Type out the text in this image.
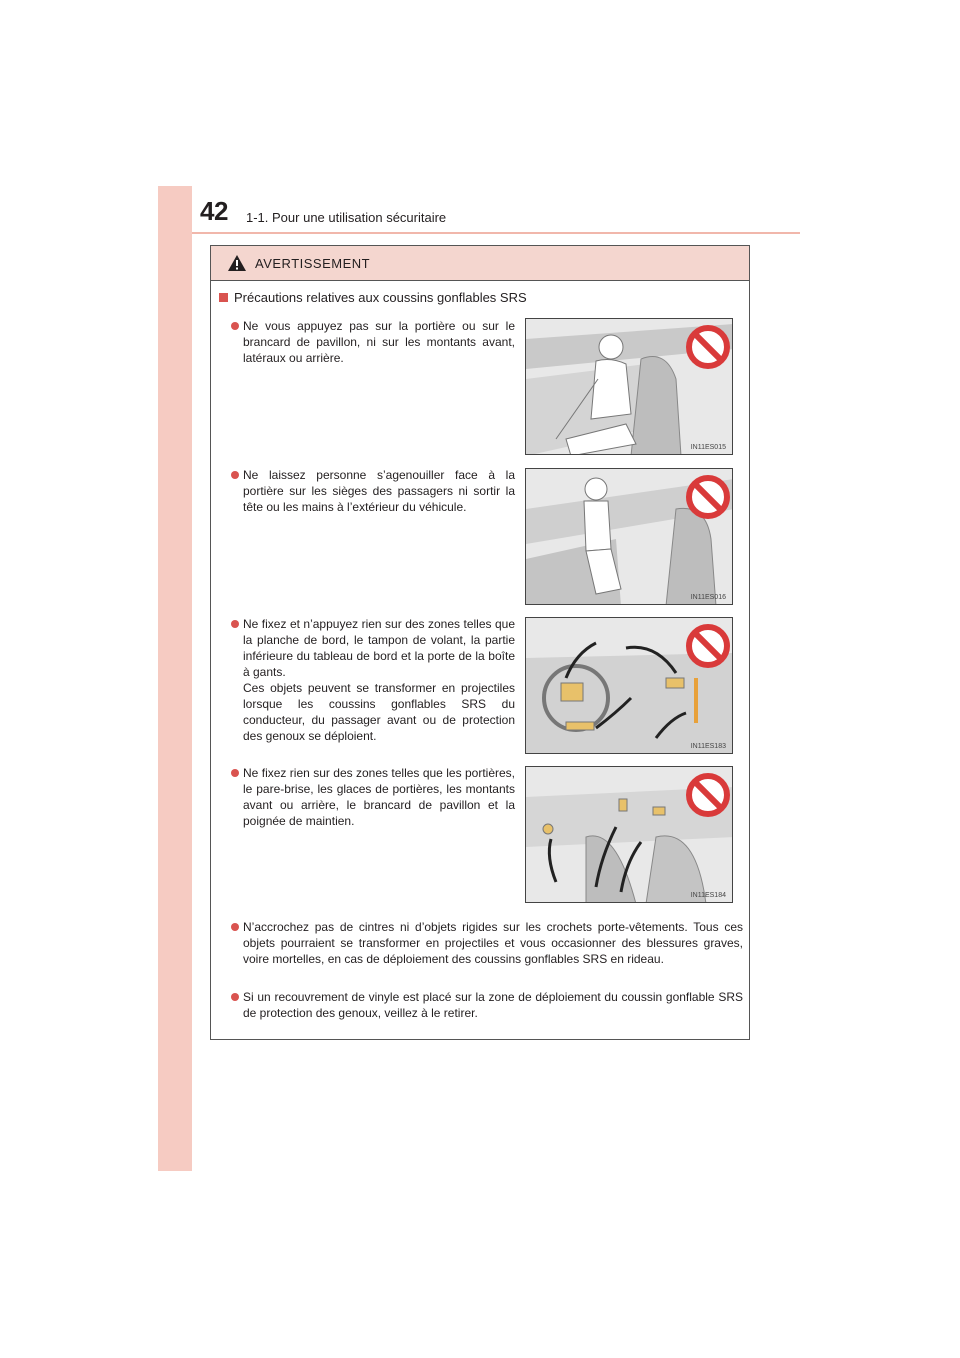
42 1-1. Pour une utilisation sécuritaire
AVERTISSEMENT
Précautions relatives aux coussins gonflables SRS
Ne vous appuyez pas sur la portière ou sur le brancard de pavillon, ni sur les montants avant, latéraux ou arrière.
IN11ES015
Ne laissez personne s’agenouiller face à la portière sur les sièges des passagers ni sortir la tête ou les mains à l’extérieur du véhicule.
IN11ES016
Ne fixez et n’appuyez rien sur des zones telles que la planche de bord, le tampon de volant, la partie inférieure du tableau de bord et la porte de la boîte à gants.
Ces objets peuvent se transformer en projectiles lorsque les coussins gonflables SRS du conducteur, du passager avant ou de protection des genoux se déploient.
IN11ES183
Ne fixez rien sur des zones telles que les portières, le pare-brise, les glaces de portières, les montants avant ou arrière, le brancard de pavillon et la poignée de maintien.
IN11ES184
N’accrochez pas de cintres ni d’objets rigides sur les crochets porte-vêtements. Tous ces objets pourraient se transformer en projectiles et vous occasionner des blessures graves, voire mortelles, en cas de déploiement des coussins gonflables SRS en rideau.
Si un recouvrement de vinyle est placé sur la zone de déploiement du coussin gonflable SRS de protection des genoux, veillez à le retirer.
